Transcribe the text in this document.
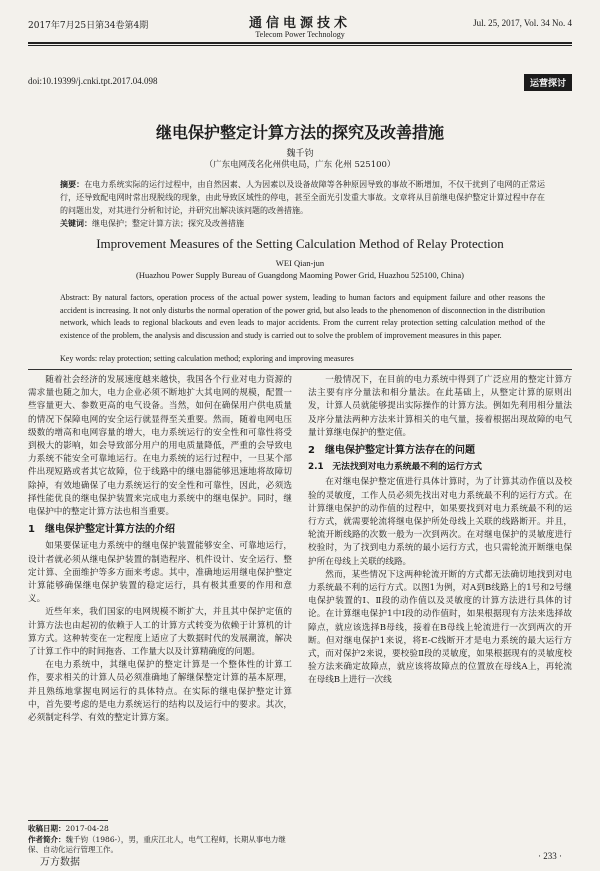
2017年7月25日第34卷第4期	通信电源技术
Telecom Power Technology
Jul. 25, 2017, Vol. 34 No. 4
doi:10.19399/j.cnki.tpt.2017.04.098	运营探讨
继电保护整定计算方法的探究及改善措施
魏千钧
（广东电网茂名化州供电局，广东 化州 525100）
摘要：在电力系统实际的运行过程中，由自然因素、人为因素以及设备故障等各种原因导致的事故不断增加，不仅干扰到了电网的正常运行，还导致配电网时常出现脱线的现象，由此导致区域性的停电，甚至全面光引发重大事故。文章将从目前继电保护整定计算过程中存在的问题出发，对其进行分析和讨论，并研究出解决该问题的改善措施。
关键词：继电保护；整定计算方法；探究及改善措施
Improvement Measures of the Setting Calculation Method of Relay Protection
WEI Qian-jun
(Huazhou Power Supply Bureau of Guangdong Maoming Power Grid, Huazhou 525100, China)
Abstract: By natural factors, operation process of the actual power system, leading to human factors and equipment failure and other reasons the accident is increasing. It not only disturbs the normal operation of the power grid, but also leads to the phenomenon of disconnection in the distribution network, which leads to regional blackouts and even leads to major accidents. From the current relay protection setting calculation method of the existence of the problem, the analysis and discussion and study is carried out to solve the problem of improvement measures in this paper.
Key words: relay protection; setting calculation method; exploring and improving measures

随着社会经济的发展速度越来越快，我国各个行业对电力资源的需求量也随之加大，电力企业必须不断地扩大其电网的规模，配置一些容量更大、参数更高的电气设备。当然，如何在确保用户供电质量的情况下保障电网的安全运行就显得至关重要。然而，随着电网电压级数的增高和电网容量的增大，电力系统运行的安全性和可靠性将受到极大的影响，如会导致部分用户的用电质量降低，严重的会导致电力系统不能安全可靠地运行。在电力系统的运行过程中，一旦某个部件出现短路或者其它故障，位于线路中的继电器能够迅速地将故障切除掉，有效地确保了电力系统运行的安全性和可靠性，因此，必须选择性能优良的继电保护装置来完成电力系统中的继电保护。同时，继电保护中的整定计算方法也相当重要。

1　继电保护整定计算方法的介绍

如果要保证电力系统中的继电保护装置能够安全、可靠地运行，设计者就必须从继电保护装置的制造程序、机件设计、安全运行、整定计算、全面维护等多方面来考虑。其中，准确地运用继电保护整定计算能够确保继电保护装置的稳定运行，具有极其重要的作用和意义。

近些年来，我们国家的电网规模不断扩大，并且其中保护定值的计算方法也由起初的依赖于人工的计算方式转变为依赖于计算机的计算方式。这种转变在一定程度上适应了大数据时代的发展潮流，解决了计算工作中的时间拖沓、工作量大以及计算精确度的问题。

在电力系统中，其继电保护的整定计算是一个整体性的计算工作，要求相关的计算人员必须准确地了解继保整定计算的基本原理，并且熟练地掌握电网运行的具体特点。在实际的继电保护整定计算中，首先要考虑的是电力系统运行的结构以及运行中的要求。其次，必须制定科学、有效的整定计算方案。

一般情况下，在目前的电力系统中得到了广泛应用的整定计算方法主要有序分量法和相分量法。在此基础上，从整定计算的原则出发，计算人员就能够提出实际操作的计算方法。例如先利用相分量法及序分量法两种方法来计算相关的电气量，接着根据出现故障的电气量计算继电保护的整定值。

2　继电保护整定计算方法存在的问题
2.1　无法找到对电力系统最不利的运行方式

在对继电保护整定值进行具体计算时，为了计算其动作值以及校验的灵敏度，工作人员必须先找出对电力系统最不利的运行方式。在计算继电保护的动作值的过程中，如果要找到对电力系统最不利的运行方式，就需要轮流将继电保护所处母线上关联的线路断开。并且，轮流开断线路的次数一般为一次到两次。在对继电保护的灵敏度进行校验时，为了找到电力系统的最小运行方式，也只需轮流开断继电保护所在母线上关联的线路。

然而，某些情况下这两种轮流开断的方式都无法确切地找到对电力系统最不利的运行方式。以图1为例，对A到B线路上的1号和2号继电保护装置的Ⅰ、Ⅱ段的动作值以及灵敏度的计算方法进行具体的讨论。在计算继电保护1中Ⅰ段的动作值时，如果根据现有方法来选择故障点，就应该选择B母线，接着在B母线上轮流进行一次到两次的开断。但对继电保护1来说，将E-C线断开才是电力系统的最大运行方式，而对保护2来说，要校验Ⅱ段的灵敏度，如果根据现有的灵敏度校验方法来确定故障点，就应该将故障点的位置放在母线A上，再轮流在母线B上进行一次线

收稿日期：2017-04-28
作者简介：魏千钧（1986-），男，重庆江北人，电气工程师，长期从事电力继保、自动化运行管理工作。
万方数据
· 233 ·
